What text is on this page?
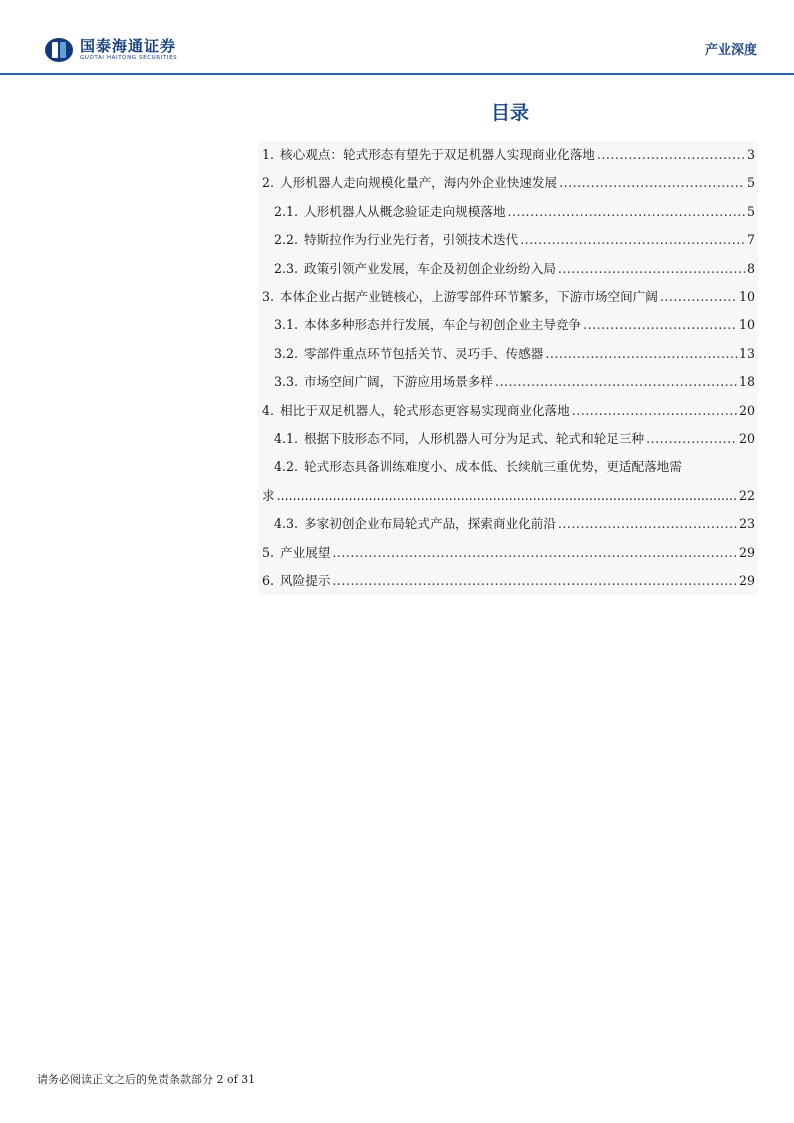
国泰海通证券
GUOTAI HAITONG SECURITIES	产业深度
目录
1. 核心观点：轮式形态有望先于双足机器人实现商业化落地 .....	3
2. 人形机器人走向规模化量产，海内外企业快速发展 .....	5
2.1. 人形机器人从概念验证走向规模落地 .....	5
2.2. 特斯拉作为行业先行者，引领技术迭代 .....	7
2.3. 政策引领产业发展，车企及初创企业纷纷入局 .....	8
3. 本体企业占据产业链核心，上游零部件环节繁多，下游市场空间广阔 .....	10
3.1. 本体多种形态并行发展，车企与初创企业主导竞争 .....	10
3.2. 零部件重点环节包括关节、灵巧手、传感器 .....	13
3.3. 市场空间广阔，下游应用场景多样 .....	18
4. 相比于双足机器人，轮式形态更容易实现商业化落地 .....	20
4.1. 根据下肢形态不同，人形机器人可分为足式、轮式和轮足三种 .....	20
4.2. 轮式形态具备训练难度小、成本低、长续航三重优势，更适配落地需
求 .....	22
4.3. 多家初创企业布局轮式产品，探索商业化前沿 .....	23
5. 产业展望 .....	29
6. 风险提示 .....	29
请务必阅读正文之后的免责条款部分 2 of 31
